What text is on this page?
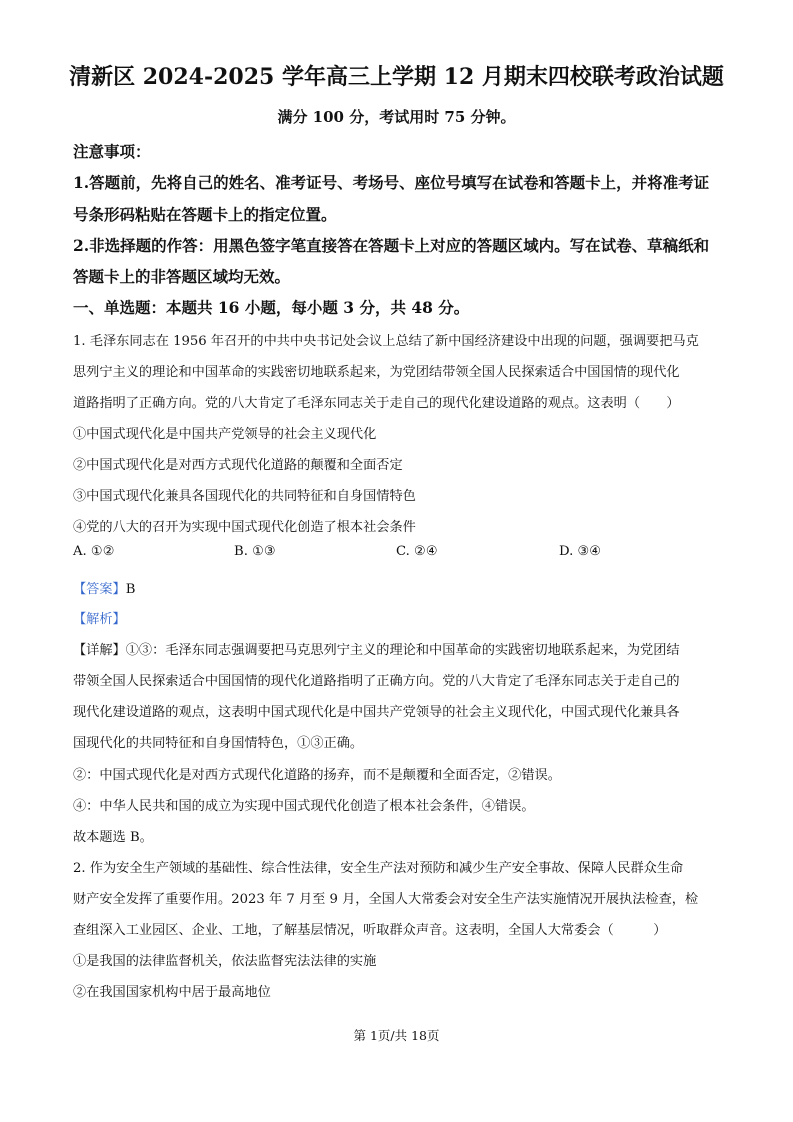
清新区 2024-2025 学年高三上学期 12 月期末四校联考政治试题
满分 100 分，考试用时 75 分钟。
注意事项：
1.答题前，先将自己的姓名、准考证号、考场号、座位号填写在试卷和答题卡上，并将准考证
号条形码粘贴在答题卡上的指定位置。
2.非选择题的作答：用黑色签字笔直接答在答题卡上对应的答题区域内。写在试卷、草稿纸和
答题卡上的非答题区域均无效。
一、单选题：本题共 16 小题，每小题 3 分，共 48 分。
1. 毛泽东同志在 1956 年召开的中共中央书记处会议上总结了新中国经济建设中出现的问题，强调要把马克
思列宁主义的理论和中国革命的实践密切地联系起来，为党团结带领全国人民探索适合中国国情的现代化
道路指明了正确方向。党的八大肯定了毛泽东同志关于走自己的现代化建设道路的观点。这表明（　　）
①中国式现代化是中国共产党领导的社会主义现代化
②中国式现代化是对西方式现代化道路的颠覆和全面否定
③中国式现代化兼具各国现代化的共同特征和自身国情特色
④党的八大的召开为实现中国式现代化创造了根本社会条件
A. ①②	B. ①③	C. ②④	D. ③④
【答案】B
【解析】
【详解】①③：毛泽东同志强调要把马克思列宁主义的理论和中国革命的实践密切地联系起来，为党团结
带领全国人民探索适合中国国情的现代化道路指明了正确方向。党的八大肯定了毛泽东同志关于走自己的
现代化建设道路的观点，这表明中国式现代化是中国共产党领导的社会主义现代化，中国式现代化兼具各
国现代化的共同特征和自身国情特色，①③正确。
②：中国式现代化是对西方式现代化道路的扬弃，而不是颠覆和全面否定，②错误。
④：中华人民共和国的成立为实现中国式现代化创造了根本社会条件，④错误。
故本题选 B。
2. 作为安全生产领域的基础性、综合性法律，安全生产法对预防和减少生产安全事故、保障人民群众生命
财产安全发挥了重要作用。2023 年 7 月至 9 月，全国人大常委会对安全生产法实施情况开展执法检查，检
查组深入工业园区、企业、工地，了解基层情况，听取群众声音。这表明，全国人大常委会（　　　）
①是我国的法律监督机关，依法监督宪法法律的实施
②在我国国家机构中居于最高地位
第 1页/共 18页
